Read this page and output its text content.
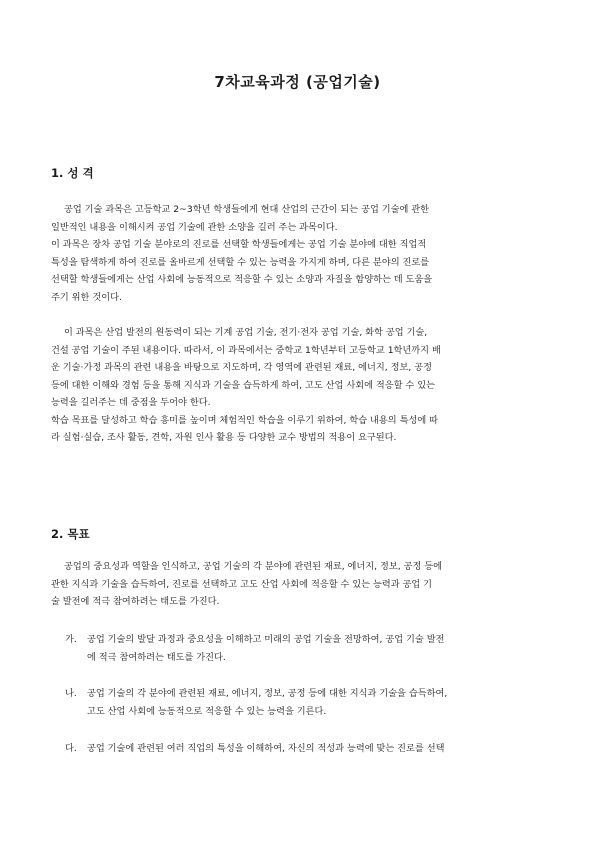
7차교육과정 (공업기술)
1. 성 격
공업 기술 과목은 고등학교 2~3학년 학생들에게 현대 산업의 근간이 되는 공업 기술에 관한
일반적인 내용을 이해시켜 공업 기술에 관한 소양을 길러 주는 과목이다.
이 과목은 장차 공업 기술 분야로의 진로를 선택할 학생들에게는 공업 기술 분야에 대한 직업적
특성을 탐색하게 하여 진로를 올바르게 선택할 수 있는 능력을 가지게 하며, 다른 분야의 진로를
선택할 학생들에게는 산업 사회에 능동적으로 적응할 수 있는 소양과 자질을 함양하는 데 도움을
주기 위한 것이다.
이 과목은 산업 발전의 원동력이 되는 기계 공업 기술, 전기·전자 공업 기술, 화학 공업 기술,
건설 공업 기술이 주된 내용이다. 따라서, 이 과목에서는 중학교 1학년부터 고등학교 1학년까지 배
운 기술·가정 과목의 관련 내용을 바탕으로 지도하며, 각 영역에 관련된 재료, 에너지, 정보, 공정
등에 대한 이해와 경험 등을 통해 지식과 기술을 습득하게 하여, 고도 산업 사회에 적응할 수 있는
능력을 길러주는 데 중점을 두어야 한다.
학습 목표를 달성하고 학습 흥미를 높이며 체험적인 학습을 이루기 위하여, 학습 내용의 특성에 따
라 실험·실습, 조사 활동, 견학, 자원 인사 활용 등 다양한 교수 방법의 적용이 요구된다.
2. 목표
공업의 중요성과 역할을 인식하고, 공업 기술의 각 분야에 관련된 재료, 에너지, 정보, 공정 등에
관한 지식과 기술을 습득하여, 진로를 선택하고 고도 산업 사회에 적응할 수 있는 능력과 공업 기
술 발전에 적극 참여하려는 태도를 가진다.
가. 공업 기술의 발달 과정과 중요성을 이해하고 미래의 공업 기술을 전망하여, 공업 기술 발전
에 적극 참여하려는 태도를 가진다.
나. 공업 기술의 각 분야에 관련된 재료, 에너지, 정보, 공정 등에 대한 지식과 기술을 습득하여,
고도 산업 사회에 능동적으로 적응할 수 있는 능력을 기른다.
다. 공업 기술에 관련된 여러 직업의 특성을 이해하여, 자신의 적성과 능력에 맞는 진로를 선택
